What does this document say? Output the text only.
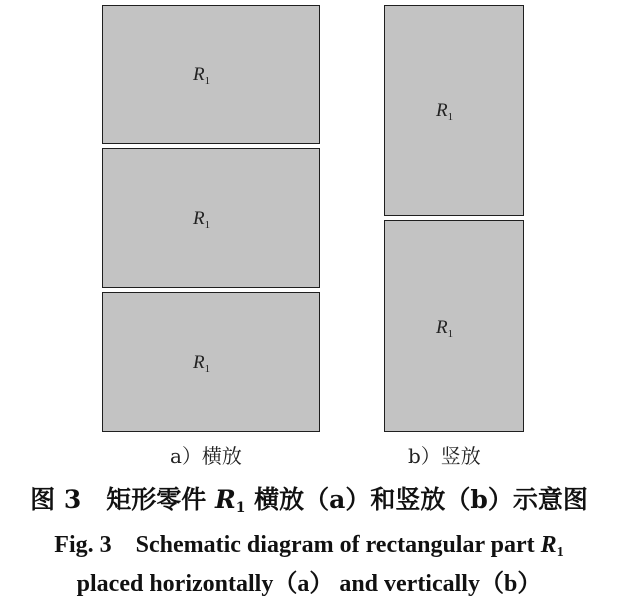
$R_1$
$R_1$
$R_1$
$R_1$
$R_1$
a）横放	b）竖放
图 3　矩形零件 $R_1$ 横放（a）和竖放（b）示意图
Fig. 3　Schematic diagram of rectangular part $R_1$
placed horizontally（a） and vertically（b）
